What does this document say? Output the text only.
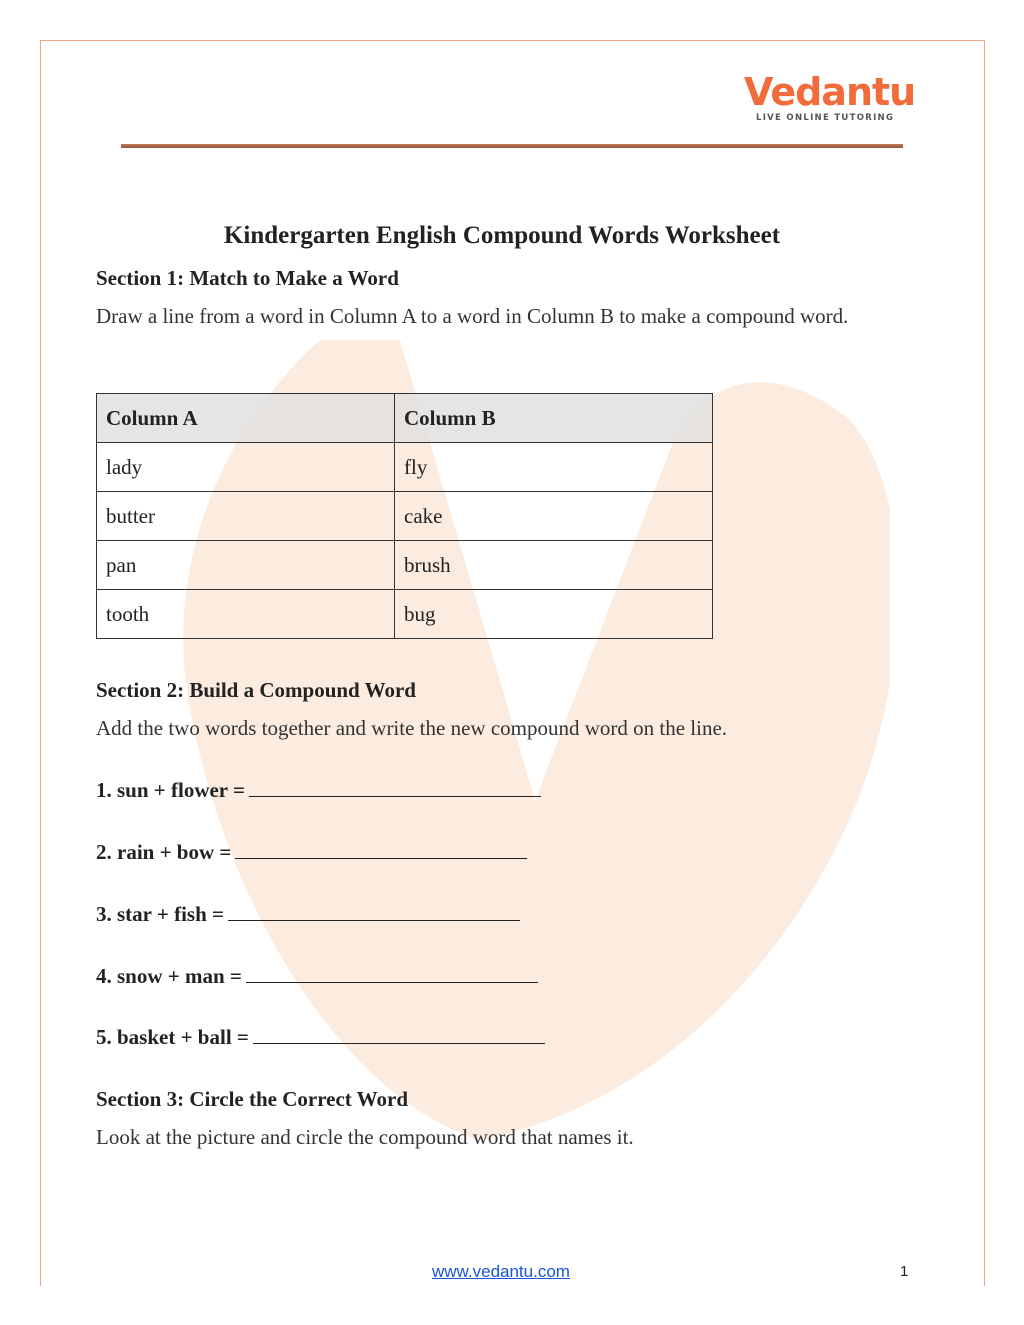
Vedantu
LIVE ONLINE TUTORING
Kindergarten English Compound Words Worksheet
Section 1: Match to Make a Word
Draw a line from a word in Column A to a word in Column B to make a compound word.
Column A	Column B
lady	fly
butter	cake
pan	brush
tooth	bug
Section 2: Build a Compound Word
Add the two words together and write the new compound word on the line.
1. sun + flower =
2. rain + bow =
3. star + fish =
4. snow + man =
5. basket + ball =
Section 3: Circle the Correct Word
Look at the picture and circle the compound word that names it.
www.vedantu.com	1
